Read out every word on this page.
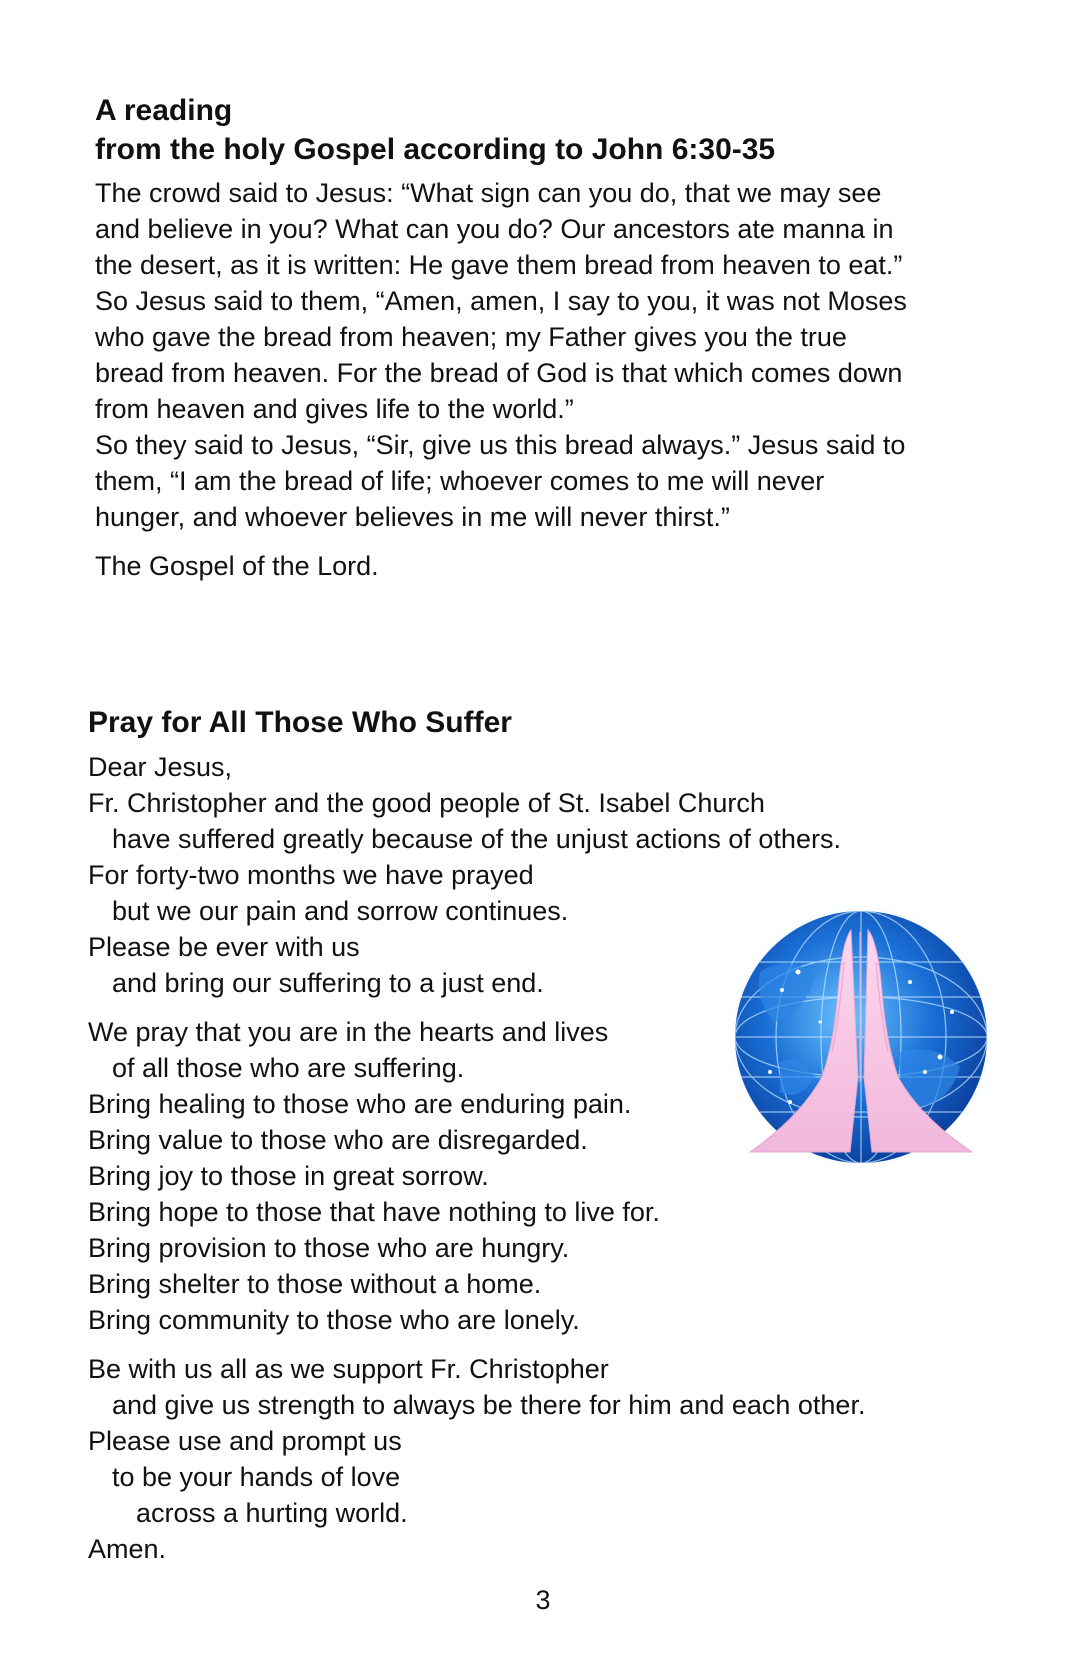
A reading
from the holy Gospel according to John 6:30-35
The crowd said to Jesus: “What sign can you do, that we may see
and believe in you? What can you do? Our ancestors ate manna in
the desert, as it is written: He gave them bread from heaven to eat.”
So Jesus said to them, “Amen, amen, I say to you, it was not Moses
who gave the bread from heaven; my Father gives you the true
bread from heaven. For the bread of God is that which comes down
from heaven and gives life to the world.”
So they said to Jesus, “Sir, give us this bread always.” Jesus said to
them, “I am the bread of life; whoever comes to me will never
hunger, and whoever believes in me will never thirst.”
The Gospel of the Lord.
Pray for All Those Who Suffer
Dear Jesus,
Fr. Christopher and the good people of St. Isabel Church
have suffered greatly because of the unjust actions of others.
For forty-two months we have prayed
but we our pain and sorrow continues.
Please be ever with us
and bring our suffering to a just end.
We pray that you are in the hearts and lives
of all those who are suffering.
Bring healing to those who are enduring pain.
Bring value to those who are disregarded.
Bring joy to those in great sorrow.
Bring hope to those that have nothing to live for.
Bring provision to those who are hungry.
Bring shelter to those without a home.
Bring community to those who are lonely.
Be with us all as we support Fr. Christopher
and give us strength to always be there for him and each other.
Please use and prompt us
to be your hands of love
across a hurting world.
Amen.
3
